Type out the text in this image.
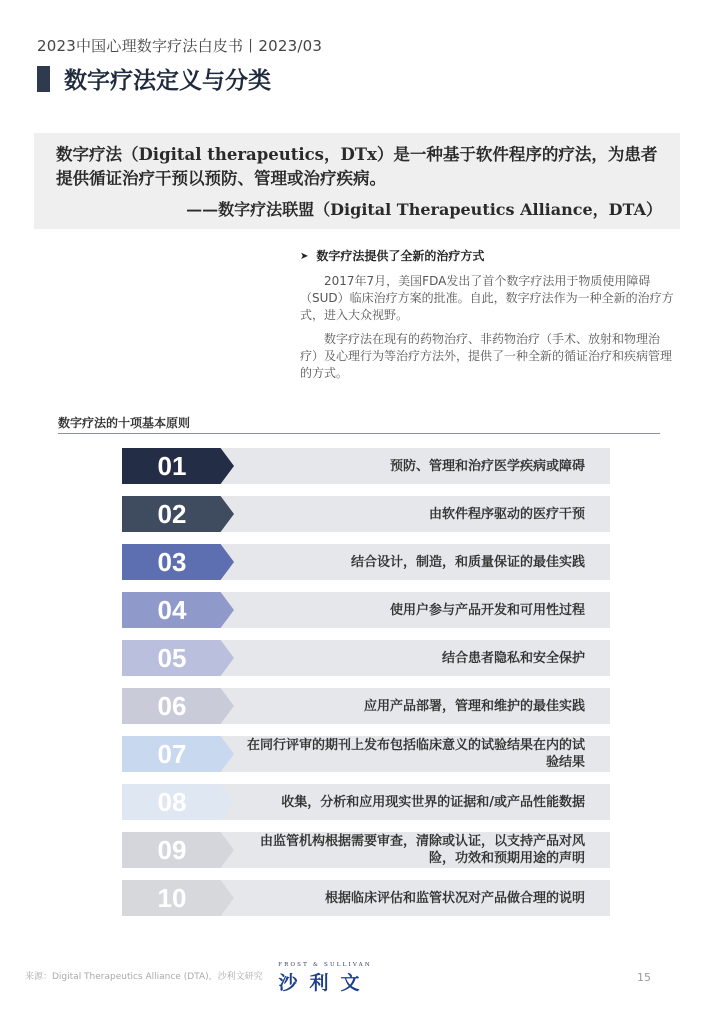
2023中国心理数字疗法白皮书丨2023/03
数字疗法定义与分类
数字疗法（Digital therapeutics，DTx）是一种基于软件程序的疗法，为患者提供循证治疗干预以预防、管理或治疗疾病。
——数字疗法联盟（Digital Therapeutics Alliance，DTA）
➤ 数字疗法提供了全新的治疗方式

2017年7月，美国FDA发出了首个数字疗法用于物质使用障碍（SUD）临床治疗方案的批准。自此，数字疗法作为一种全新的治疗方式，进入大众视野。

数字疗法在现有的药物治疗、非药物治疗（手术、放射和物理治疗）及心理行为等治疗方法外，提供了一种全新的循证治疗和疾病管理的方式。

数字疗法的十项基本原则
01	预防、管理和治疗医学疾病或障碍
02	由软件程序驱动的医疗干预
03	结合设计，制造，和质量保证的最佳实践
04	使用户参与产品开发和可用性过程
05	结合患者隐私和安全保护
06	应用产品部署，管理和维护的最佳实践
07	在同行评审的期刊上发布包括临床意义的试验结果在内的试验结果
08	收集，分析和应用现实世界的证据和/或产品性能数据
09	由监管机构根据需要审查，清除或认证，以支持产品对风险，功效和预期用途的声明
10	根据临床评估和监管状况对产品做合理的说明
来源：Digital Therapeutics Alliance (DTA)，沙利文研究
FROST & SULLIVAN
沙利文	15
